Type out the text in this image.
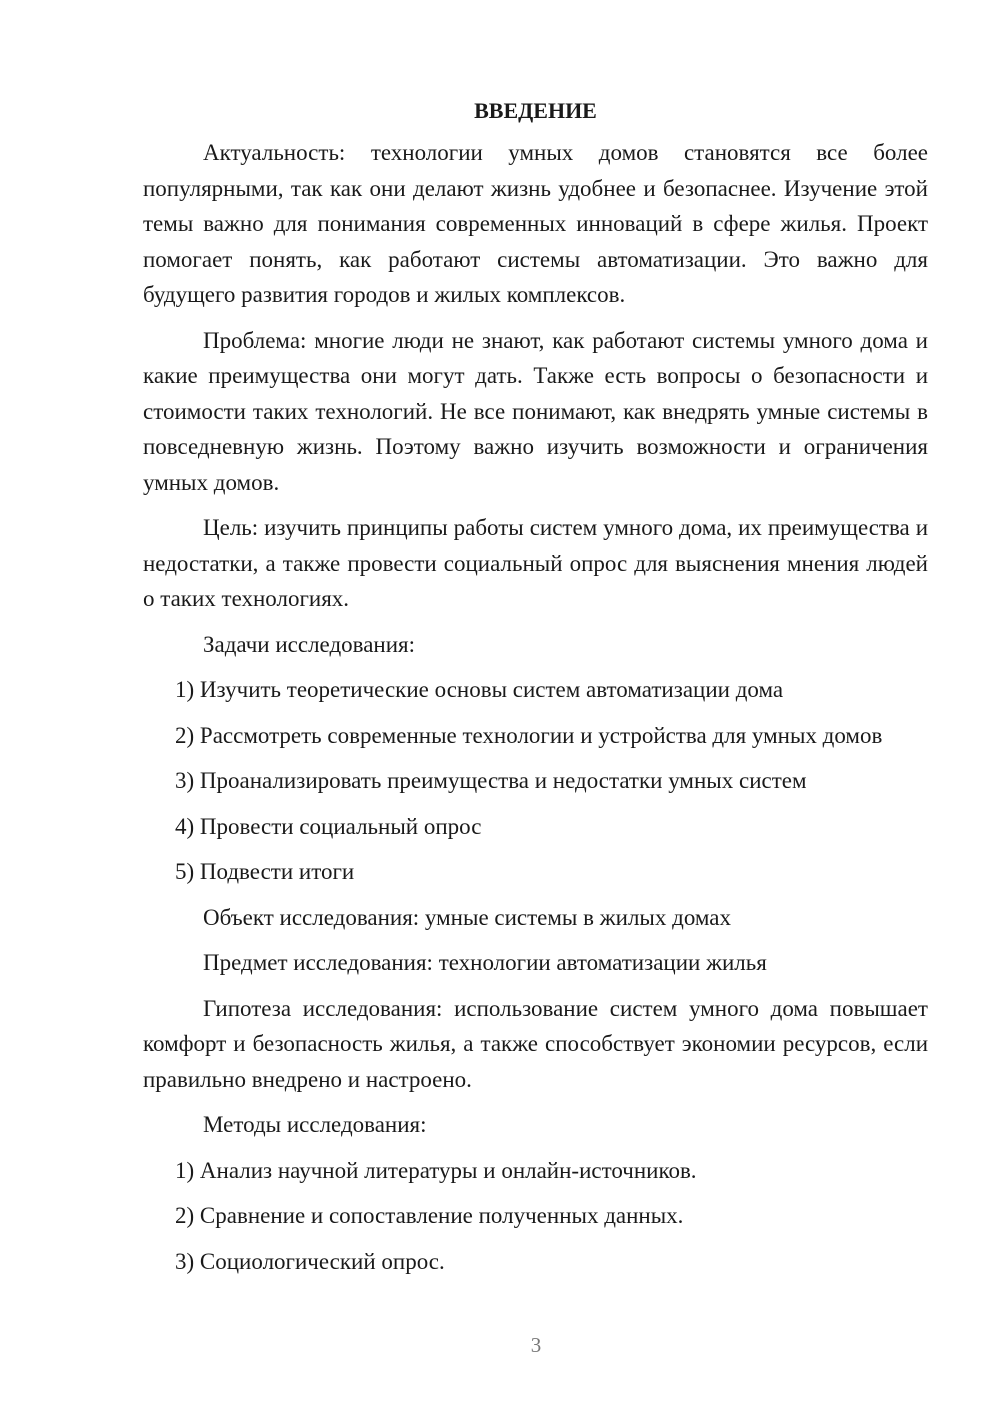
ВВЕДЕНИЕ

Актуальность: технологии умных домов становятся все более популярными, так как они делают жизнь удобнее и безопаснее. Изучение этой темы важно для понимания современных инноваций в сфере жилья. Проект помогает понять, как работают системы автоматизации. Это важно для будущего развития городов и жилых комплексов.

Проблема: многие люди не знают, как работают системы умного дома и какие преимущества они могут дать. Также есть вопросы о безопасности и стоимости таких технологий. Не все понимают, как внедрять умные системы в повседневную жизнь. Поэтому важно изучить возможности и ограничения умных домов.

Цель: изучить принципы работы систем умного дома, их преимущества и недостатки, а также провести социальный опрос для выяснения мнения людей о таких технологиях.

Задачи исследования:

1) Изучить теоретические основы систем автоматизации дома

2) Рассмотреть современные технологии и устройства для умных домов

3) Проанализировать преимущества и недостатки умных систем

4) Провести социальный опрос

5) Подвести итоги

Объект исследования: умные системы в жилых домах

Предмет исследования: технологии автоматизации жилья

Гипотеза исследования: использование систем умного дома повышает комфорт и безопасность жилья, а также способствует экономии ресурсов, если правильно внедрено и настроено.

Методы исследования:

1) Анализ научной литературы и онлайн-источников.

2) Сравнение и сопоставление полученных данных.

3) Социологический опрос.

3
